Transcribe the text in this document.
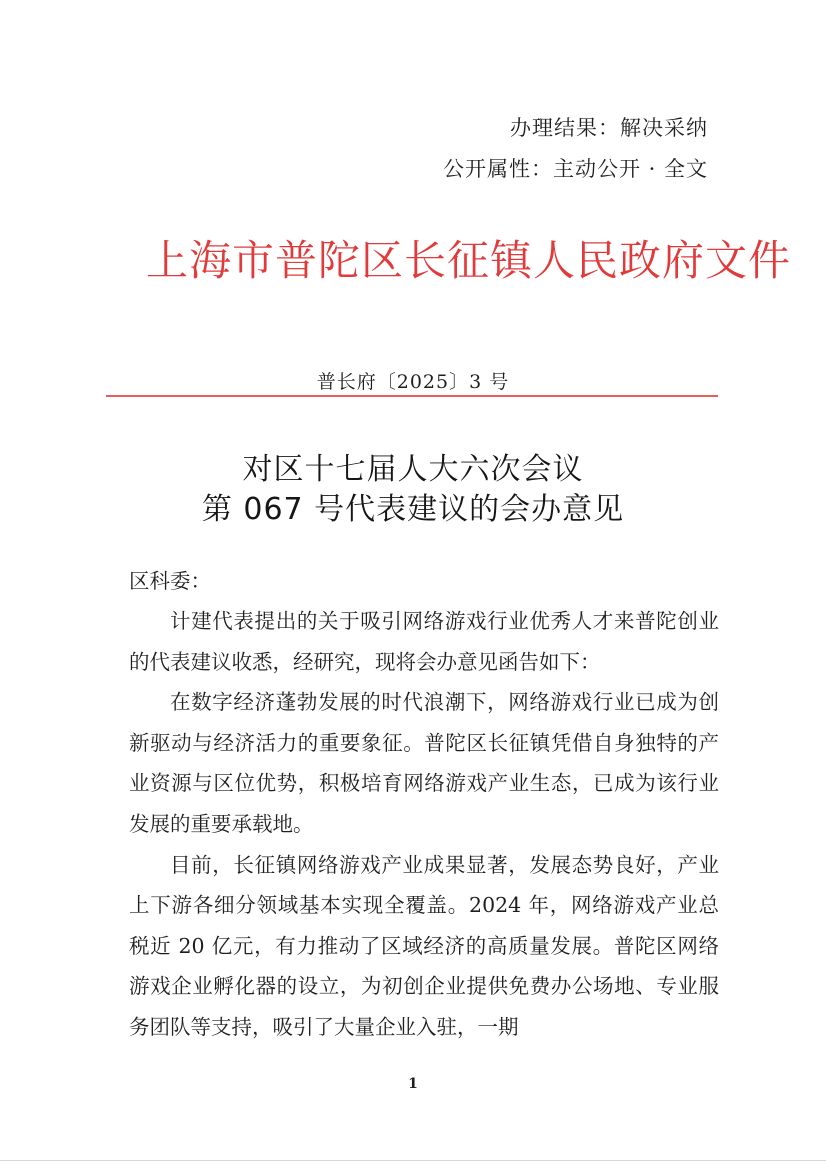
办理结果：解决采纳
公开属性：主动公开 · 全文
上海市普陀区长征镇人民政府文件
普长府〔2025〕3 号
对区十七届人大六次会议
第 067 号代表建议的会办意见
区科委：

计建代表提出的关于吸引网络游戏行业优秀人才来普陀创业的代表建议收悉，经研究，现将会办意见函告如下：

在数字经济蓬勃发展的时代浪潮下，网络游戏行业已成为创新驱动与经济活力的重要象征。普陀区长征镇凭借自身独特的产业资源与区位优势，积极培育网络游戏产业生态，已成为该行业发展的重要承载地。

目前，长征镇网络游戏产业成果显著，发展态势良好，产业上下游各细分领域基本实现全覆盖。2024 年，网络游戏产业总税近 20 亿元，有力推动了区域经济的高质量发展。普陀区网络游戏企业孵化器的设立，为初创企业提供免费办公场地、专业服务团队等支持，吸引了大量企业入驻，一期

1
